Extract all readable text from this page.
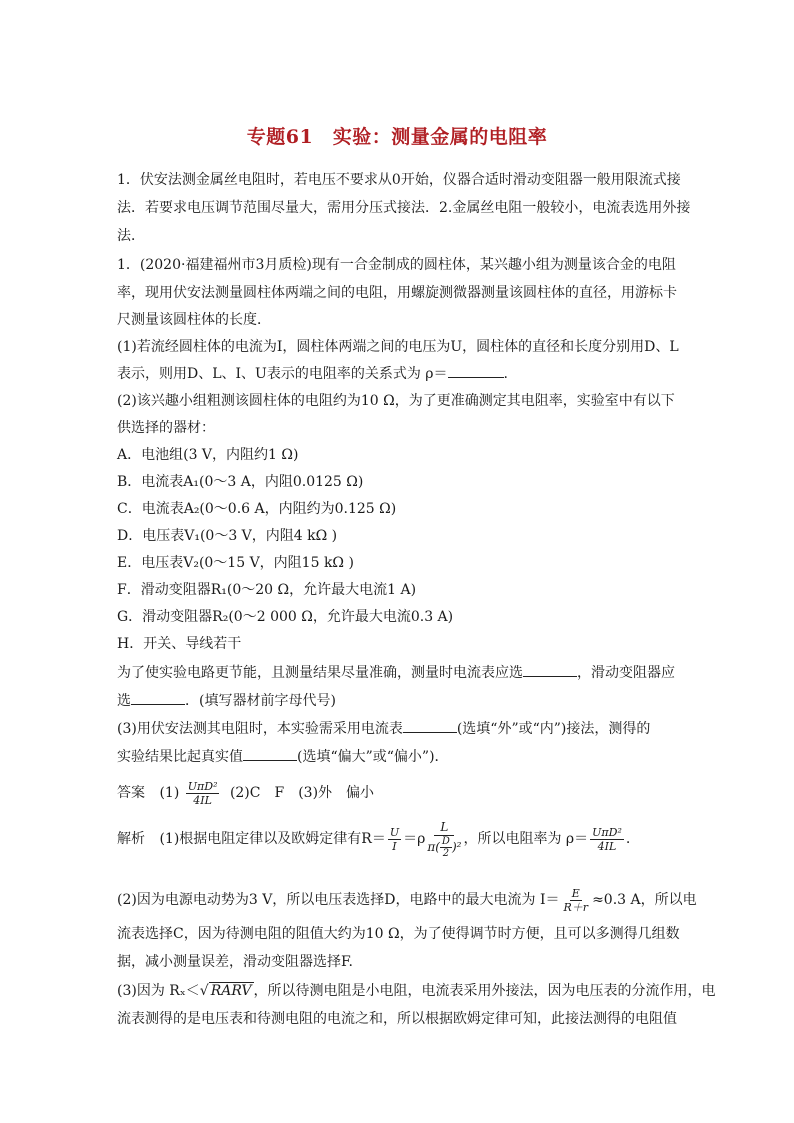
专题61　实验：测量金属的电阻率
1．伏安法测金属丝电阻时，若电压不要求从0开始，仪器合适时滑动变阻器一般用限流式接
法．若要求电压调节范围尽量大，需用分压式接法．2.金属丝电阻一般较小，电流表选用外接
法．
1．(2020·福建福州市3月质检)现有一合金制成的圆柱体，某兴趣小组为测量该合金的电阻
率，现用伏安法测量圆柱体两端之间的电阻，用螺旋测微器测量该圆柱体的直径，用游标卡
尺测量该圆柱体的长度．
(1)若流经圆柱体的电流为I，圆柱体两端之间的电压为U，圆柱体的直径和长度分别用D、L
表示，则用D、L、I、U表示的电阻率的关系式为 ρ＝	.
(2)该兴趣小组粗测该圆柱体的电阻约为10 Ω，为了更准确测定其电阻率，实验室中有以下
供选择的器材：
A．电池组(3 V，内阻约1 Ω)
B．电流表A₁(0～3 A，内阻0.0125 Ω)
C．电流表A₂(0～0.6 A，内阻约为0.125 Ω)
D．电压表V₁(0～3 V，内阻4 kΩ )
E．电压表V₂(0～15 V，内阻15 kΩ )
F．滑动变阻器R₁(0～20 Ω，允许最大电流1 A)
G．滑动变阻器R₂(0～2 000 Ω，允许最大电流0.3 A)
H．开关、导线若干
为了使实验电路更节能，且测量结果尽量准确，测量时电流表应选	，滑动变阻器应
选	．(填写器材前字母代号)
(3)用伏安法测其电阻时，本实验需采用电流表	(选填“外”或“内”)接法，测得的
实验结果比起真实值	(选填“偏大”或“偏小”)．
答案 $(1) \frac{\text{UπD²}}{4IL} (2)C$　F　(3)外　偏小
解析 (1)根据电阻定律以及欧姆定律有$R= \frac{U}{I} =\rho \frac{L}{\pi( \frac{D}{2} )^2}$ ，所以电阻率为 $\rho= \frac{\text{UπD²}}{4IL}$ .
(2)因为电源电动势为3 V，所以电压表选择D，电路中的最大电流为 $I= \frac{E}{R+r} \approx 0.3$ A，所以电
流表选择C，因为待测电阻的阻值大约为10 Ω，为了使得调节时方便，且可以多测得几组数
据，减小测量误差，滑动变阻器选择F.
(3)因为 Rₓ＜√ RARV ，所以待测电阻是小电阻，电流表采用外接法，因为电压表的分流作用，电
流表测得的是电压表和待测电阻的电流之和，所以根据欧姆定律可知，此接法测得的电阻值
